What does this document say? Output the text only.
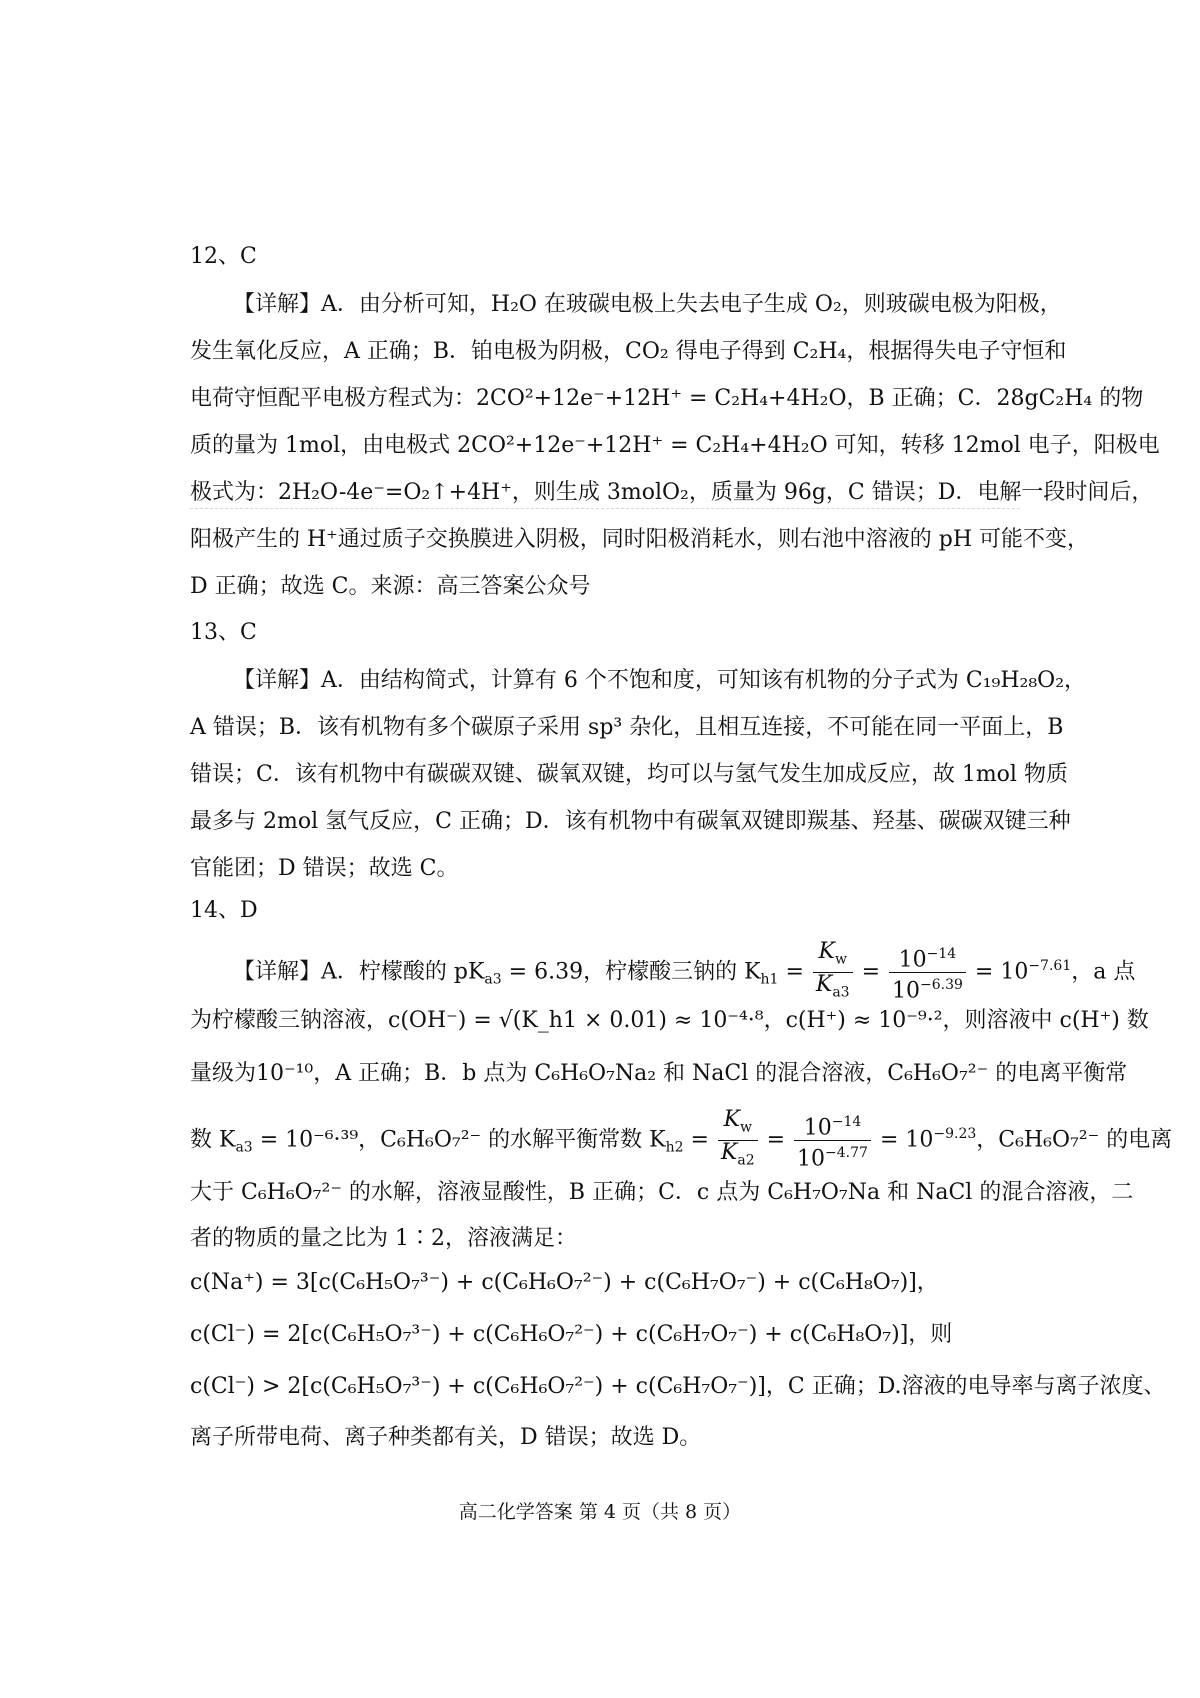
12、C
【详解】A．由分析可知，H₂O 在玻碳电极上失去电子生成 O₂，则玻碳电极为阳极，
发生氧化反应，A 正确；B．铂电极为阴极，CO₂ 得电子得到 C₂H₄，根据得失电子守恒和
电荷守恒配平电极方程式为：2CO²+12e⁻+12H⁺ = C₂H₄+4H₂O，B 正确；C．28gC₂H₄ 的物
质的量为 1mol，由电极式 2CO²+12e⁻+12H⁺ = C₂H₄+4H₂O 可知，转移 12mol 电子，阳极电
极式为：2H₂O-4e⁻=O₂↑+4H⁺，则生成 3molO₂，质量为 96g，C 错误；D．电解一段时间后，
阳极产生的 H⁺通过质子交换膜进入阴极，同时阳极消耗水，则右池中溶液的 pH 可能不变，
D 正确；故选 C。来源：高三答案公众号
13、C
【详解】A．由结构简式，计算有 6 个不饱和度，可知该有机物的分子式为 C₁₉H₂₈O₂，
A 错误；B．该有机物有多个碳原子采用 sp³ 杂化，且相互连接，不可能在同一平面上，B
错误；C．该有机物中有碳碳双键、碳氧双键，均可以与氢气发生加成反应，故 1mol 物质
最多与 2mol 氢气反应，C 正确；D．该有机物中有碳氧双键即羰基、羟基、碳碳双键三种
官能团；D 错误；故选 C。
14、D
【详解】A．柠檬酸的 $pK_{a3} = 6.39$，柠檬酸三钠的 $K_{h1} = \frac{K_w}{K_{a3}} = \frac{10^{-14}}{10^{-6.39}} = 10^{-7.61}$，a 点
为柠檬酸三钠溶液，c(OH⁻) = √(K_h1 × 0.01) ≈ 10⁻⁴·⁸，c(H⁺) ≈ 10⁻⁹·²，则溶液中 c(H⁺) 数
量级为10⁻¹⁰，A 正确；B．b 点为 C₆H₆O₇Na₂ 和 NaCl 的混合溶液，C₆H₆O₇²⁻ 的电离平衡常
数 $K_{a3} = 10^{-6}\cdot^{39}$，C₆H₆O₇²⁻ 的水解平衡常数 $K_{h2} = \frac{K_w}{K_{a2}} = \frac{10^{-14}}{10^{-4.77}} = 10^{-9.23}$，C₆H₆O₇²⁻ 的电离
大于 C₆H₆O₇²⁻ 的水解，溶液显酸性，B 正确；C．c 点为 C₆H₇O₇Na 和 NaCl 的混合溶液，二
者的物质的量之比为 1∶2，溶液满足：
c(Na⁺) = 3[c(C₆H₅O₇³⁻) + c(C₆H₆O₇²⁻) + c(C₆H₇O₇⁻) + c(C₆H₈O₇)]，
c(Cl⁻) = 2[c(C₆H₅O₇³⁻) + c(C₆H₆O₇²⁻) + c(C₆H₇O₇⁻) + c(C₆H₈O₇)]，则
c(Cl⁻) > 2[c(C₆H₅O₇³⁻) + c(C₆H₆O₇²⁻) + c(C₆H₇O₇⁻)]，C 正确；D.溶液的电导率与离子浓度、
离子所带电荷、离子种类都有关，D 错误；故选 D。
高二化学答案 第 4 页（共 8 页）
